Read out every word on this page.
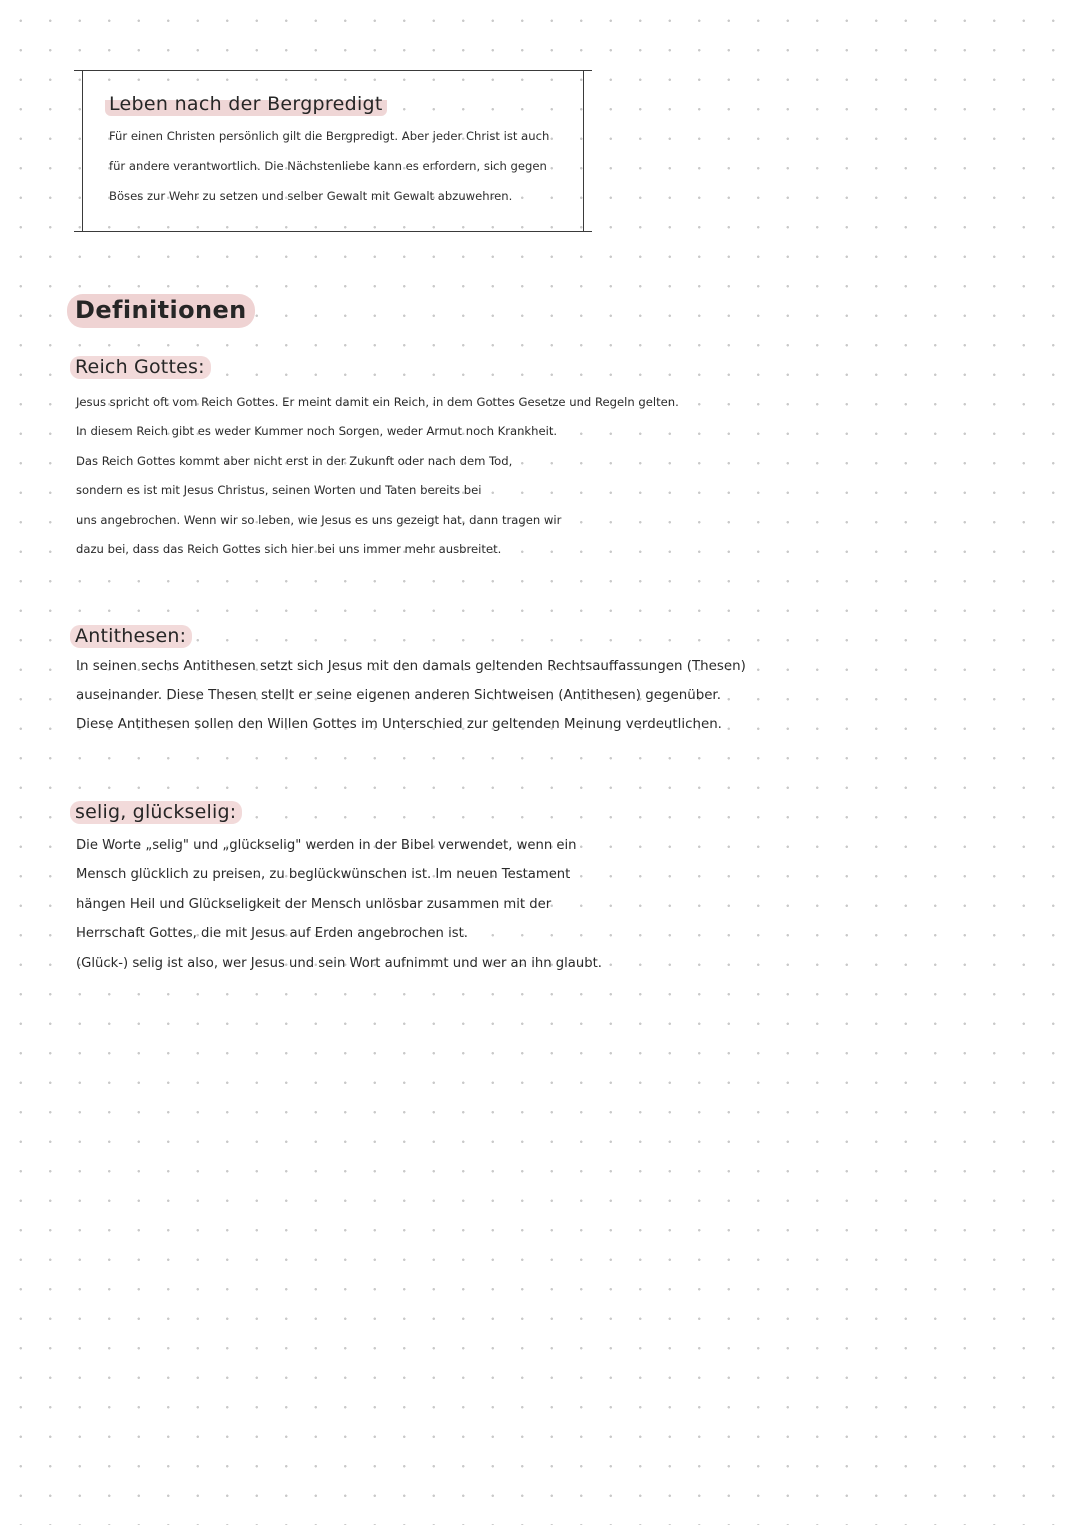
Leben nach der Bergpredigt
Für einen Christen persönlich gilt die Bergpredigt. Aber jeder Christ ist auch
für andere verantwortlich. Die Nächstenliebe kann es erfordern, sich gegen
Böses zur Wehr zu setzen und selber Gewalt mit Gewalt abzuwehren.
Definitionen
Reich Gottes:
Jesus spricht oft vom Reich Gottes. Er meint damit ein Reich, in dem Gottes Gesetze und Regeln gelten.
In diesem Reich gibt es weder Kummer noch Sorgen, weder Armut noch Krankheit.
Das Reich Gottes kommt aber nicht erst in der Zukunft oder nach dem Tod,
sondern es ist mit Jesus Christus, seinen Worten und Taten bereits bei
uns angebrochen. Wenn wir so leben, wie Jesus es uns gezeigt hat, dann tragen wir
dazu bei, dass das Reich Gottes sich hier bei uns immer mehr ausbreitet.
Antithesen:
In seinen sechs Antithesen setzt sich Jesus mit den damals geltenden Rechtsauffassungen (Thesen)
auseinander. Diese Thesen stellt er seine eigenen anderen Sichtweisen (Antithesen) gegenüber.
Diese Antithesen sollen den Willen Gottes im Unterschied zur geltenden Meinung verdeutlichen.
selig, glückselig:
Die Worte „selig" und „glückselig" werden in der Bibel verwendet, wenn ein
Mensch glücklich zu preisen, zu beglückwünschen ist. Im neuen Testament
hängen Heil und Glückseligkeit der Mensch unlösbar zusammen mit der
Herrschaft Gottes, die mit Jesus auf Erden angebrochen ist.
(Glück-) selig ist also, wer Jesus und sein Wort aufnimmt und wer an ihn glaubt.
